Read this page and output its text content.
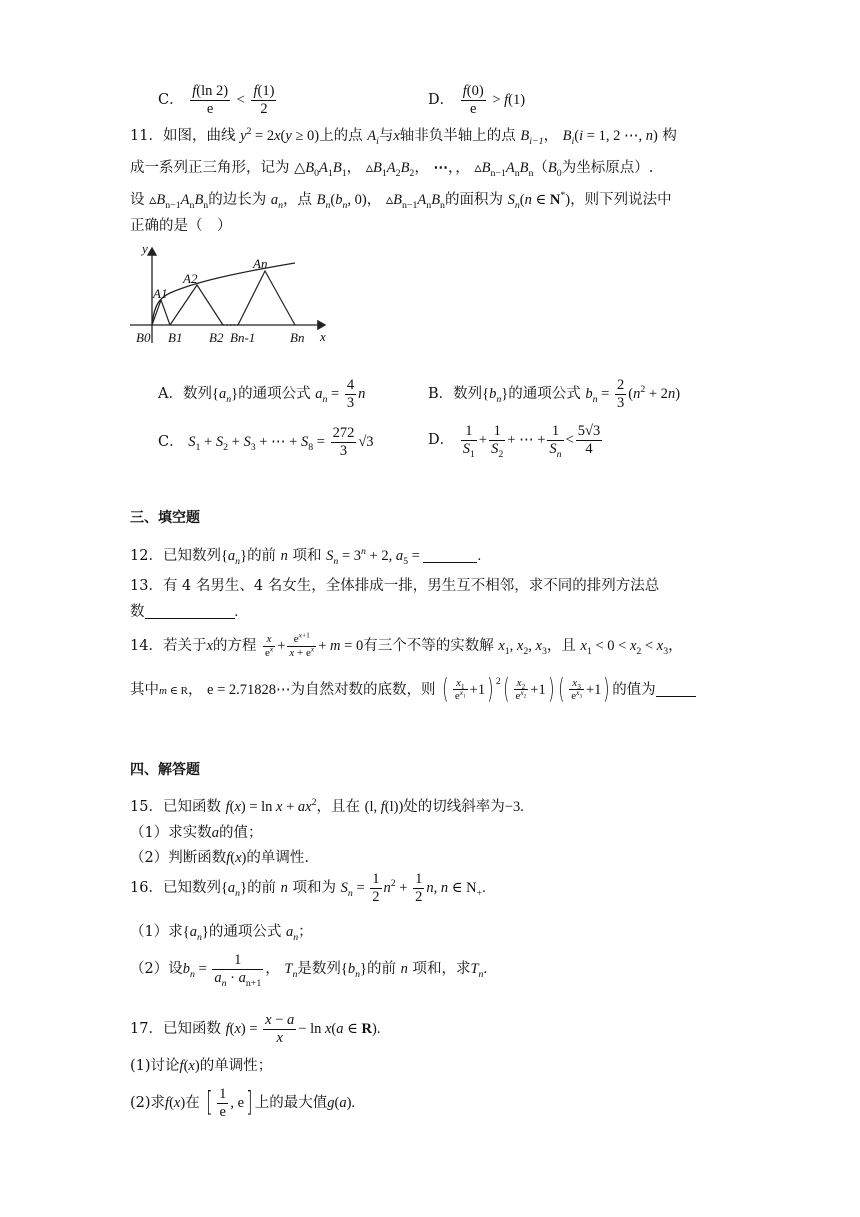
C． $\frac{f(\ln 2)}{e} < \frac{f(1)}{2}$	D． $\frac{f(0)}{e} > f(1)$
11．如图，曲线 $y^2 = 2x(y \ge 0)$上的点 $A_i$与x轴非负半轴上的点 $B_{i-1}$， $B_i(i = 1$, 2 ⋯, n) 构
成一系列正三角形，记为 $\triangle B_0A_1B_1$， $▵B_1A_2B_2$， ⋯，， $▵B_{n-1}A_nB_n(B_0$为坐标原点）.
设 $▵B_{n-1}A_nB_n$的边长为 $a_n$，点 $B_n(b_n$, 0)， $▵B_{n-1}A_nB_n$的面积为 $S_n(n$ ∈ N*)，则下列说法中
正确的是（　）
y
x
A1
A2
An
B0 B1 B2 Bn-1	Bn
A．数列$\{a_n\}$的通项公式 $a_n = \frac{4}{3}$ n	B．数列$\{b_n\}$的通项公式 $b_n = \frac{2}{3} (n^2 + 2n)$
C． $S_1 + S_2 + S_3$ + ⋯ + $S_8 = \frac{272}{3} √3$	D． $\frac{1}{S_1} + \frac{1}{S_2}$ + ⋯ + $\frac{1}{S_n} < \frac{5√3}{4}$
三、填空题
12．已知数列$\{a_n\}$的前 n 项和 $S_n = 3^n + 2$, $a_5$ =	.
13．有 4 名男生、4 名女生，全体排成一排，男生互不相邻，求不同的排列方法总
数	.
14．若关于x的方程 $\frac{x}{e^x} + \frac{e^{x+1}}{x + e^x} + m = 0$有三个不等的实数解 $x_1$, $x_2$, $x_3$，且 $x_1 < 0 < x_2 < x_3$，
其中m ∈ R， e = 2.71828⋯为自然对数的底数，则 ( $\frac{x_1}{e^{x_1}} +1$) $^2( \frac{x_2}{e^{x_2}} +1)$ ( $\frac{x_3}{e^{x_3}} +1$) 的值为
四、解答题
15．已知函数 $f(x) = \ln x + ax^2$，且在 (l, f(l))处的切线斜率为−3.
（1）求实数a的值；
（2）判断函数f(x)的单调性.
16．已知数列$\{a_n\}$的前 n 项和为 $S_n = \frac{1}{2} n^2 + \frac{1}{2} n$, n ∈ $N_+$.
（1）求$\{a_n\}$的通项公式 $a_n$；
（2）设$b_n = \frac{1}{a_n \cdot a_{n+1}}$ ， $T_n$是数列$\{b_n\}$的前 n 项和，求$T_n$.
17．已知函数 $f(x) = \frac{x - a}{x} - \ln x(a$ ∈ R).
(1)讨论f(x)的单调性；
(2)求f(x)在 [ $\frac{1}{e}$ , e] 上的最大值g(a).
